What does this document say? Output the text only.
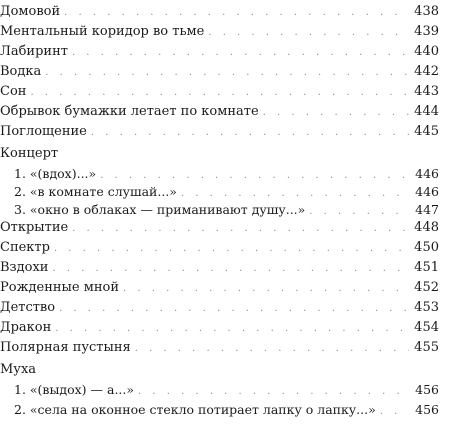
Домовой . . .	438
Ментальный коридор во тьме . . .	439
Лабиринт . . .	440
Водка . . .	442
Сон . . .	443
Обрывок бумажки летает по комнате . . .	444
Поглощение . . .	445
Концерт
1. «(вдох)...» . . .	446
2. «в комнате слушай...» . . .	446
3. «окно в облаках — приманивают душу...» . . .	447
Открытие . . .	448
Спектр . . .	450
Вздохи . . .	451
Рожденные мной . . .	452
Детство . . .	453
Дракон . . .	454
Полярная пустыня . . .	455
Муха
1. «(выдох) — а...» . . .	456
2. «села на оконное стекло потирает лапку о лапку...» . . .	456
